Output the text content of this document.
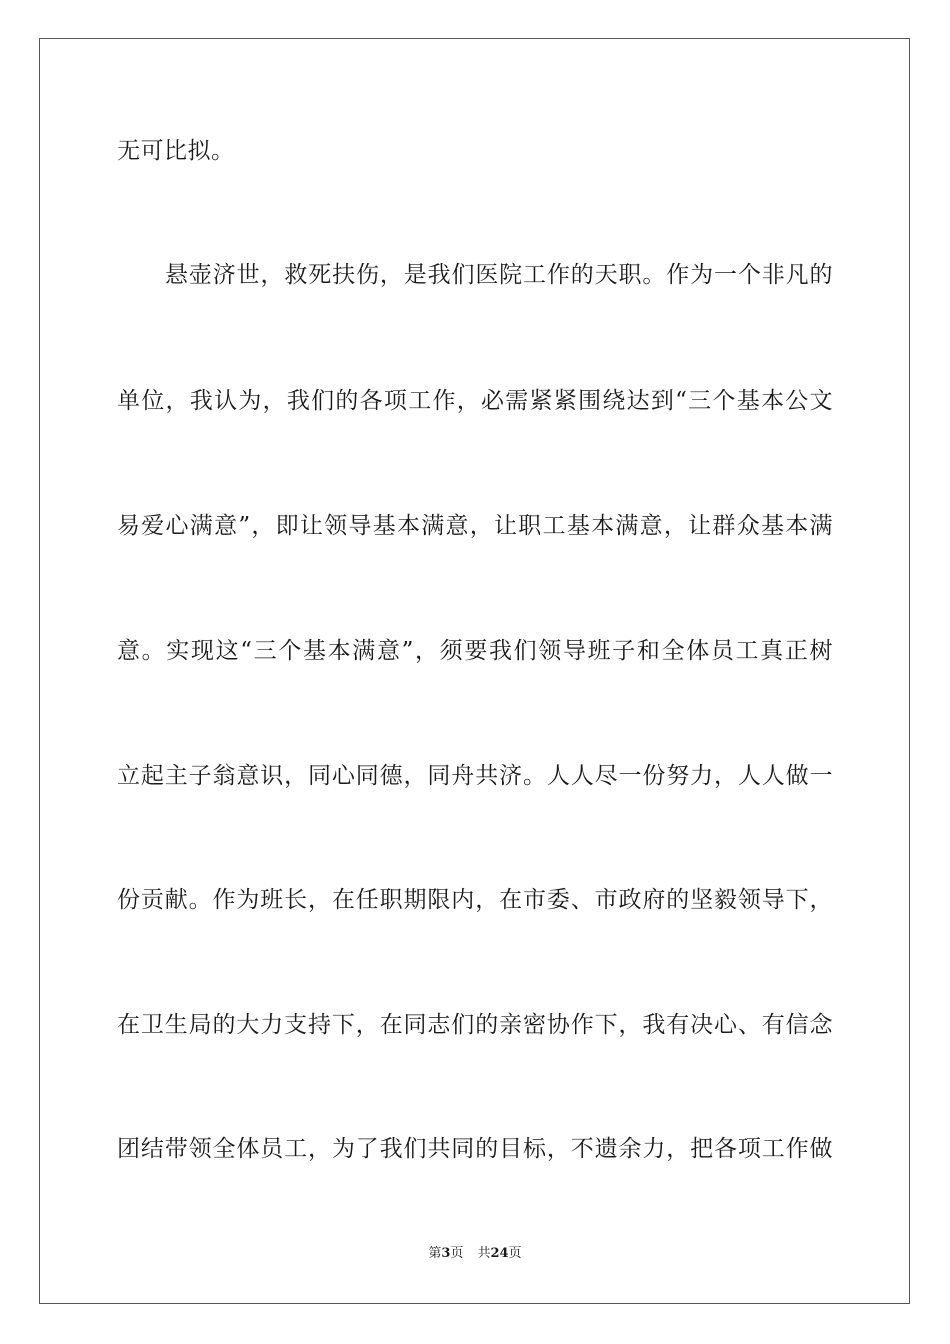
无可比拟。
悬壶济世，救死扶伤，是我们医院工作的天职。作为一个非凡的
单位，我认为，我们的各项工作，必需紧紧围绕达到“三个基本公文
易爱心满意”，即让领导基本满意，让职工基本满意，让群众基本满
意。实现这“三个基本满意”，须要我们领导班子和全体员工真正树
立起主子翁意识，同心同德，同舟共济。人人尽一份努力，人人做一
份贡献。作为班长，在任职期限内，在市委、市政府的坚毅领导下，
在卫生局的大力支持下，在同志们的亲密协作下，我有决心、有信念
团结带领全体员工，为了我们共同的目标，不遗余力，把各项工作做
第3页 共24页
